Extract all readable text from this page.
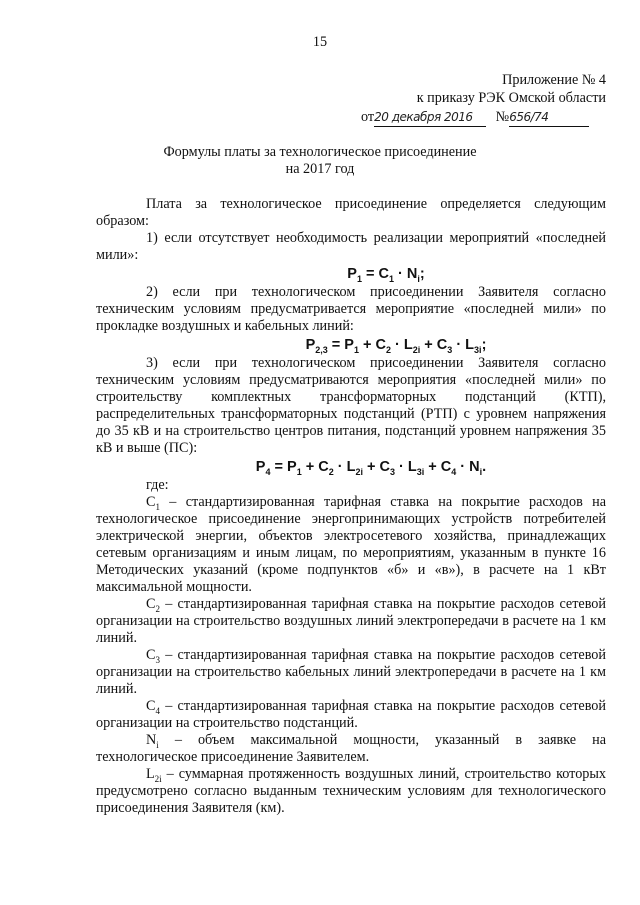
15
Приложение № 4
к приказу РЭК Омской области
от20 декабря 2016 №656/74
Формулы платы за технологическое присоединение
на 2017 год

Плата за технологическое присоединение определяется следующим образом:

1) если отсутствует необходимость реализации мероприятий «последней мили»:

$P_1 = C_1 \cdot N_i$;

2) если при технологическом присоединении Заявителя согласно техническим условиям предусматривается мероприятие «последней мили» по прокладке воздушных и кабельных линий:

$P_{2,3} = P_1 + C_2 \cdot L_{2i} + C_3 \cdot L_{3i}$;

3) если при технологическом присоединении Заявителя согласно техническим условиям предусматриваются мероприятия «последней мили» по строительству комплектных трансформаторных подстанций (КТП), распределительных трансформаторных подстанций (РТП) с уровнем напряжения до 35 кВ и на строительство центров питания, подстанций уровнем напряжения 35 кВ и выше (ПС):

$P_4 = P_1 + C_2 \cdot L_{2i} + C_3 \cdot L_{3i} + C_4 \cdot N_i$.

где:

$C_1$ – стандартизированная тарифная ставка на покрытие расходов на технологическое присоединение энергопринимающих устройств потребителей электрической энергии, объектов электросетевого хозяйства, принадлежащих сетевым организациям и иным лицам, по мероприятиям, указанным в пункте 16 Методических указаний (кроме подпунктов «б» и «в»), в расчете на 1 кВт максимальной мощности.

$C_2$ – стандартизированная тарифная ставка на покрытие расходов сетевой организации на строительство воздушных линий электропередачи в расчете на 1 км линий.

$C_3$ – стандартизированная тарифная ставка на покрытие расходов сетевой организации на строительство кабельных линий электропередачи в расчете на 1 км линий.

$C_4$ – стандартизированная тарифная ставка на покрытие расходов сетевой организации на строительство подстанций.

$N_i$ – объем максимальной мощности, указанный в заявке на технологическое присоединение Заявителем.

$L_{2i}$ – суммарная протяженность воздушных линий, строительство которых предусмотрено согласно выданным техническим условиям для технологического присоединения Заявителя (км).
